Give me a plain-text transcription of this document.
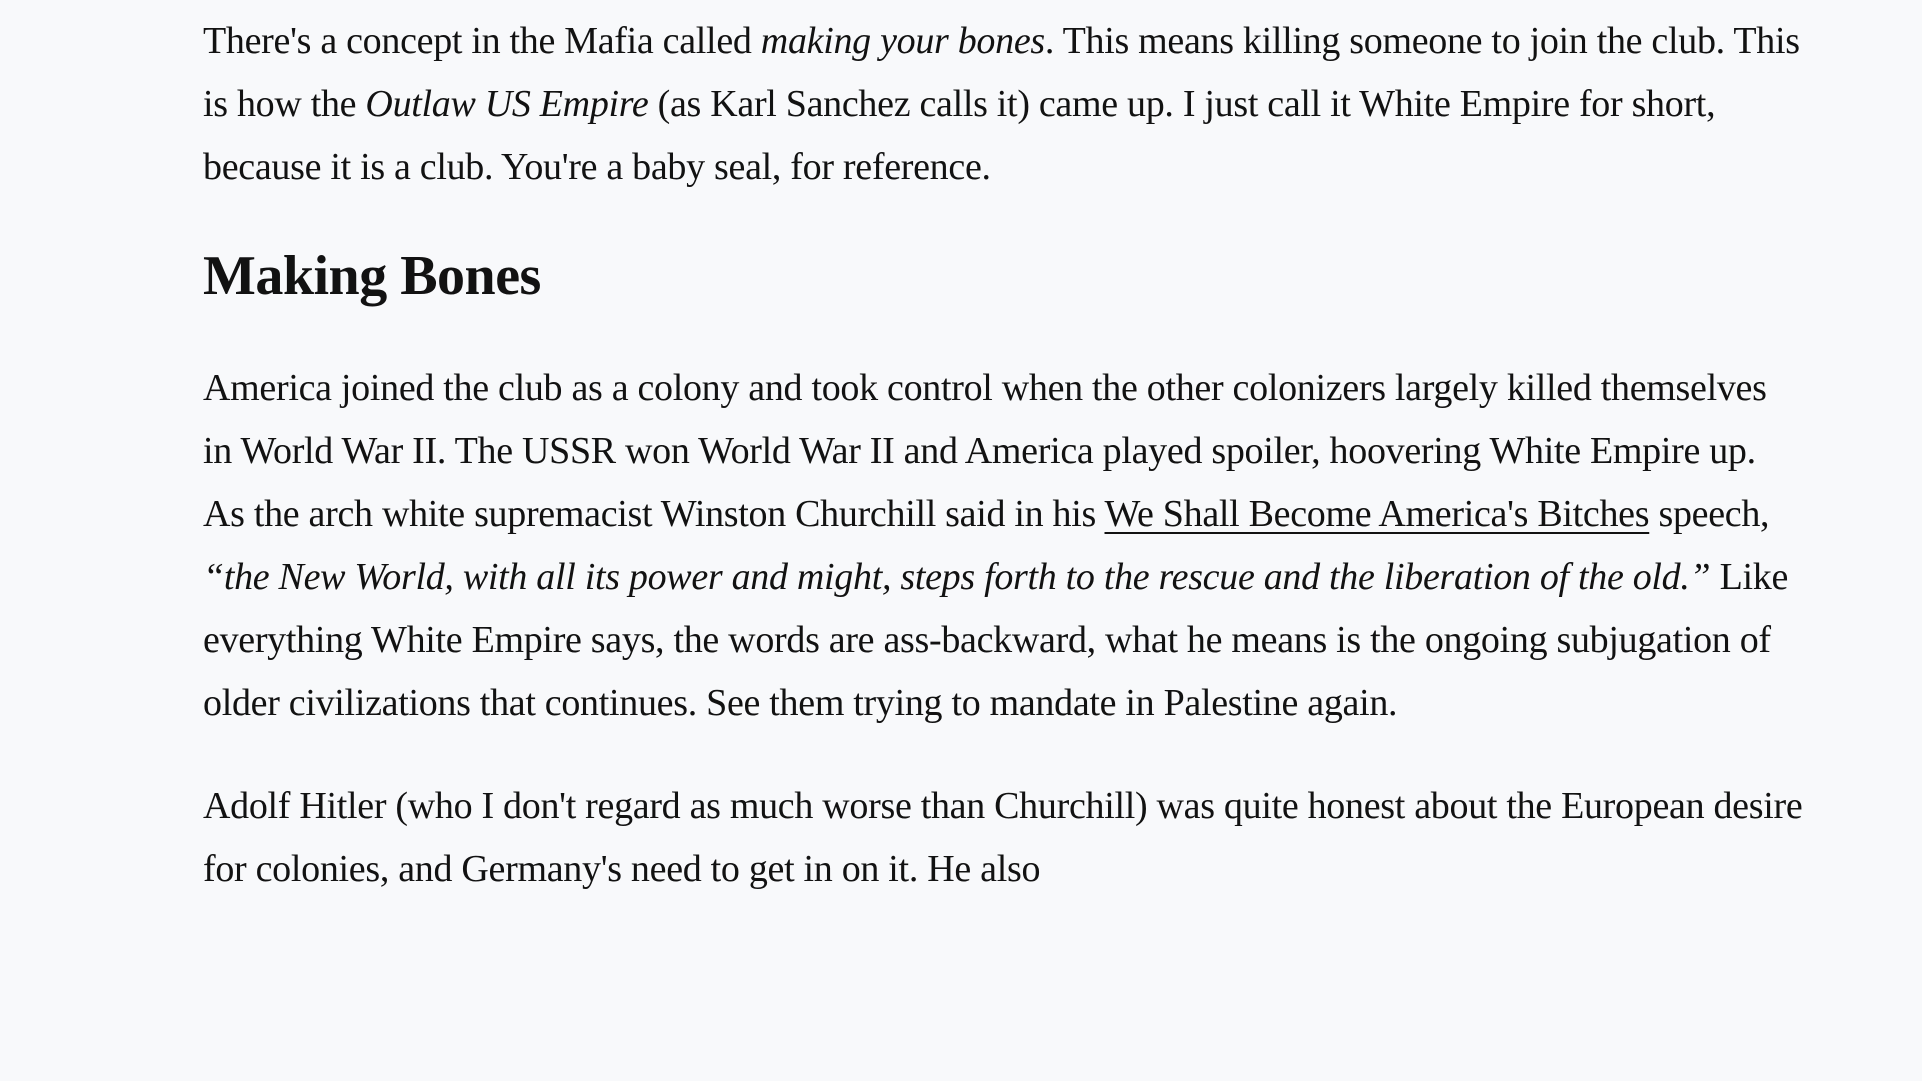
There's a concept in the Mafia called making your bones. This means killing someone to join the club. This is how the Outlaw US Empire (as Karl Sanchez calls it) came up. I just call it White Empire for short, because it is a club. You're a baby seal, for reference.

Making Bones

America joined the club as a colony and took control when the other colonizers largely killed themselves in World War II. The USSR won World War II and America played spoiler, hoovering White Empire up. As the arch white supremacist Winston Churchill said in his We Shall Become America's Bitches speech, “the New World, with all its power and might, steps forth to the rescue and the liberation of the old.” Like everything White Empire says, the words are ass-backward, what he means is the ongoing subjugation of older civilizations that continues. See them trying to mandate in Palestine again.

Adolf Hitler (who I don't regard as much worse than Churchill) was quite honest about the European desire for colonies, and Germany's need to get in on it. He also
